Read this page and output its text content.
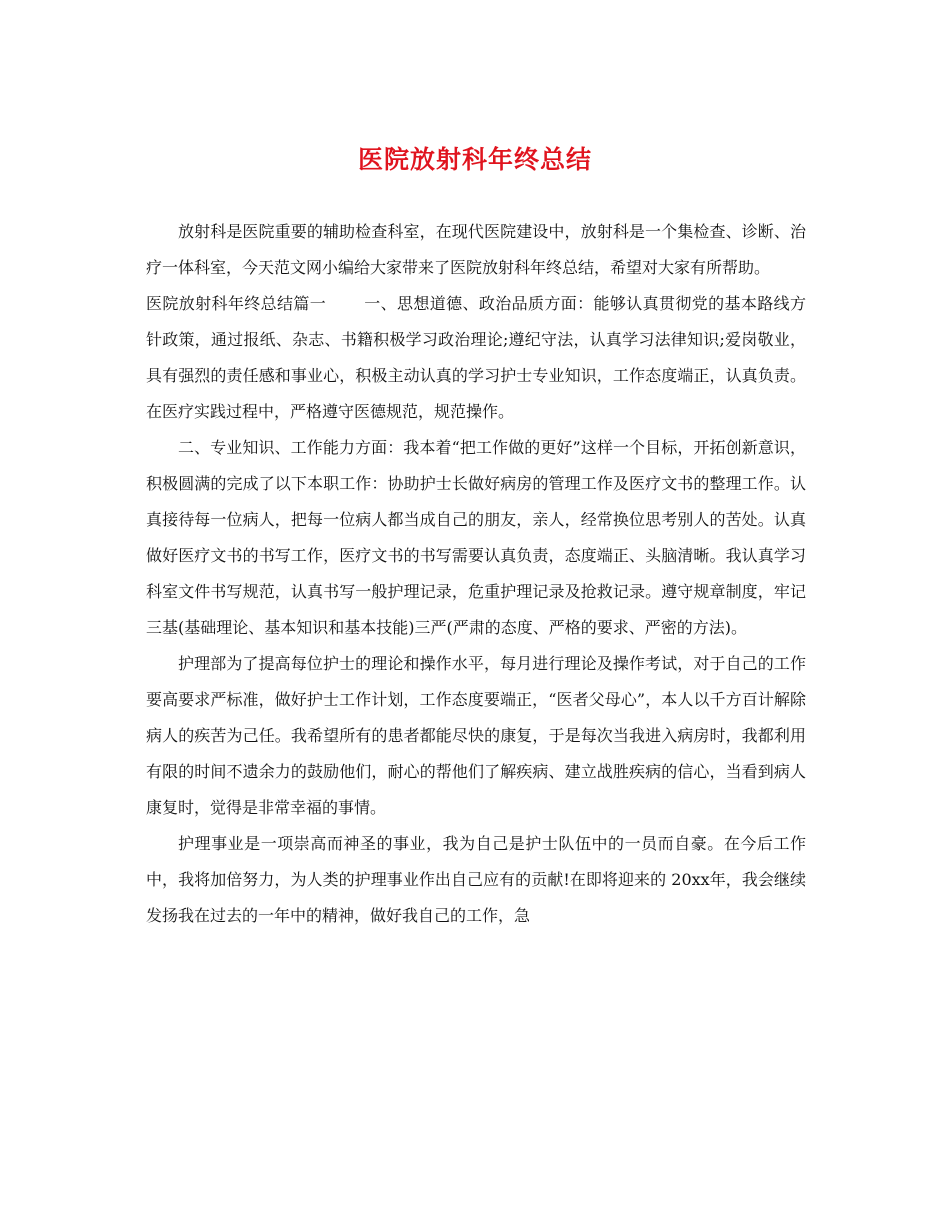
医院放射科年终总结

放射科是医院重要的辅助检查科室，在现代医院建设中，放射科是一个集检查、诊断、治疗一体科室，今天范文网小编给大家带来了医院放射科年终总结，希望对大家有所帮助。

医院放射科年终总结篇一　　 一、思想道德、政治品质方面：能够认真贯彻党的基本路线方针政策，通过报纸、杂志、书籍积极学习政治理论;遵纪守法，认真学习法律知识;爱岗敬业，具有强烈的责任感和事业心，积极主动认真的学习护士专业知识，工作态度端正，认真负责。在医疗实践过程中，严格遵守医德规范，规范操作。

二、专业知识、工作能力方面：我本着“把工作做的更好”这样一个目标，开拓创新意识，积极圆满的完成了以下本职工作：协助护士长做好病房的管理工作及医疗文书的整理工作。认真接待每一位病人，把每一位病人都当成自己的朋友，亲人，经常换位思考别人的苦处。认真做好医疗文书的书写工作，医疗文书的书写需要认真负责，态度端正、头脑清晰。我认真学习科室文件书写规范，认真书写一般护理记录，危重护理记录及抢救记录。遵守规章制度，牢记三基(基础理论、基本知识和基本技能)三严(严肃的态度、严格的要求、严密的方法)。

护理部为了提高每位护士的理论和操作水平，每月进行理论及操作考试，对于自己的工作要高要求严标准，做好护士工作计划，工作态度要端正，“医者父母心”，本人以千方百计解除病人的疾苦为己任。我希望所有的患者都能尽快的康复，于是每次当我进入病房时，我都利用有限的时间不遗余力的鼓励他们，耐心的帮他们了解疾病、建立战胜疾病的信心，当看到病人康复时，觉得是非常幸福的事情。

护理事业是一项崇高而神圣的事业，我为自己是护士队伍中的一员而自豪。在今后工作中，我将加倍努力，为人类的护理事业作出自己应有的贡献!在即将迎来的 20xx年，我会继续发扬我在过去的一年中的精神，做好我自己的工作，急
